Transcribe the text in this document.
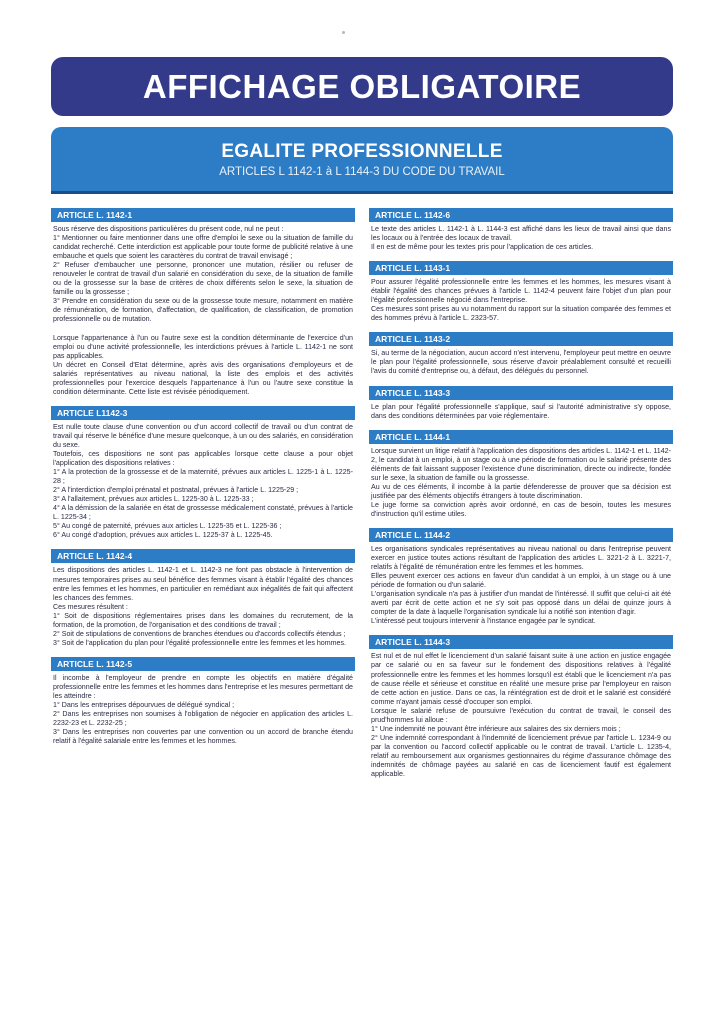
AFFICHAGE OBLIGATOIRE
EGALITE PROFESSIONNELLE
ARTICLES L 1142-1 à L 1144-3 DU CODE DU TRAVAIL
ARTICLE L. 1142-1

Sous réserve des dispositions particulières du présent code, nul ne peut :

1° Mentionner ou faire mentionner dans une offre d'emploi le sexe ou la situation de famille du candidat recherché. Cette interdiction est applicable pour toute forme de publicité relative à une embauche et quels que soient les caractères du contrat de travail envisagé ;

2° Refuser d'embaucher une personne, prononcer une mutation, résilier ou refuser de renouveler le contrat de travail d'un salarié en considération du sexe, de la situation de famille ou de la grossesse sur la base de critères de choix différents selon le sexe, la situation de famille ou la grossesse ;

3° Prendre en considération du sexe ou de la grossesse toute mesure, notamment en matière de rémunération, de formation, d'affectation, de qualification, de classification, de promotion professionnelle ou de mutation.

Lorsque l'appartenance à l'un ou l'autre sexe est la condition déterminante de l'exercice d'un emploi ou d'une activité professionnelle, les interdictions prévues à l'article L. 1142-1 ne sont pas applicables.

Un décret en Conseil d'Etat détermine, après avis des organisations d'employeurs et de salariés représentatives au niveau national, la liste des emplois et des activités professionnelles pour l'exercice desquels l'appartenance à l'un ou l'autre sexe constitue la condition déterminante. Cette liste est révisée périodiquement.

ARTICLE L1142-3

Est nulle toute clause d'une convention ou d'un accord collectif de travail ou d'un contrat de travail qui réserve le bénéfice d'une mesure quelconque, à un ou des salariés, en considération du sexe.

Toutefois, ces dispositions ne sont pas applicables lorsque cette clause a pour objet l'application des dispositions relatives :

1° A la protection de la grossesse et de la maternité, prévues aux articles L. 1225-1 à L. 1225-28 ;

2° A l'interdiction d'emploi prénatal et postnatal, prévues à l'article L. 1225-29 ;

3° A l'allaitement, prévues aux articles L. 1225-30 à L. 1225-33 ;

4° A la démission de la salariée en état de grossesse médicalement constaté, prévues à l'article L. 1225-34 ;

5° Au congé de paternité, prévues aux articles L. 1225-35 et L. 1225-36 ;

6° Au congé d'adoption, prévues aux articles L. 1225-37 à L. 1225-45.

ARTICLE L. 1142-4

Les dispositions des articles L. 1142-1 et L. 1142-3 ne font pas obstacle à l'intervention de mesures temporaires prises au seul bénéfice des femmes visant à établir l'égalité des chances entre les femmes et les hommes, en particulier en remédiant aux inégalités de fait qui affectent les chances des femmes.

Ces mesures résultent :

1° Soit de dispositions réglementaires prises dans les domaines du recrutement, de la formation, de la promotion, de l'organisation et des conditions de travail ;

2° Soit de stipulations de conventions de branches étendues ou d'accords collectifs étendus ;

3° Soit de l'application du plan pour l'égalité professionnelle entre les femmes et les hommes.

ARTICLE L. 1142-5

Il incombe à l'employeur de prendre en compte les objectifs en matière d'égalité professionnelle entre les femmes et les hommes dans l'entreprise et les mesures permettant de les atteindre :

1° Dans les entreprises dépourvues de délégué syndical ;

2° Dans les entreprises non soumises à l'obligation de négocier en application des articles L. 2232-23 et L. 2232-25 ;

3° Dans les entreprises non couvertes par une convention ou un accord de branche étendu relatif à l'égalité salariale entre les femmes et les hommes.

ARTICLE L. 1142-6

Le texte des articles L. 1142-1 à L. 1144-3 est affiché dans les lieux de travail ainsi que dans les locaux ou à l'entrée des locaux de travail.

Il en est de même pour les textes pris pour l'application de ces articles.

ARTICLE L. 1143-1

Pour assurer l'égalité professionnelle entre les femmes et les hommes, les mesures visant à établir l'égalité des chances prévues à l'article L. 1142-4 peuvent faire l'objet d'un plan pour l'égalité professionnelle négocié dans l'entreprise.

Ces mesures sont prises au vu notamment du rapport sur la situation comparée des femmes et des hommes prévu à l'article L. 2323-57.

ARTICLE L. 1143-2

Si, au terme de la négociation, aucun accord n'est intervenu, l'employeur peut mettre en oeuvre le plan pour l'égalité professionnelle, sous réserve d'avoir préalablement consulté et recueilli l'avis du comité d'entreprise ou, à défaut, des délégués du personnel.

ARTICLE L. 1143-3

Le plan pour l'égalité professionnelle s'applique, sauf si l'autorité administrative s'y oppose, dans des conditions déterminées par voie réglementaire.

ARTICLE L. 1144-1

Lorsque survient un litige relatif à l'application des dispositions des articles L. 1142-1 et L. 1142-2, le candidat à un emploi, à un stage ou à une période de formation ou le salarié présente des éléments de fait laissant supposer l'existence d'une discrimination, directe ou indirecte, fondée sur le sexe, la situation de famille ou la grossesse.

Au vu de ces éléments, il incombe à la partie défenderesse de prouver que sa décision est justifiée par des éléments objectifs étrangers à toute discrimination.

Le juge forme sa conviction après avoir ordonné, en cas de besoin, toutes les mesures d'instruction qu'il estime utiles.

ARTICLE L. 1144-2

Les organisations syndicales représentatives au niveau national ou dans l'entreprise peuvent exercer en justice toutes actions résultant de l'application des articles L. 3221-2 à L. 3221-7, relatifs à l'égalité de rémunération entre les femmes et les hommes.

Elles peuvent exercer ces actions en faveur d'un candidat à un emploi, à un stage ou à une période de formation ou d'un salarié.

L'organisation syndicale n'a pas à justifier d'un mandat de l'intéressé. Il suffit que celui-ci ait été averti par écrit de cette action et ne s'y soit pas opposé dans un délai de quinze jours à compter de la date à laquelle l'organisation syndicale lui a notifié son intention d'agir.

L'intéressé peut toujours intervenir à l'instance engagée par le syndicat.

ARTICLE L. 1144-3

Est nul et de nul effet le licenciement d'un salarié faisant suite à une action en justice engagée par ce salarié ou en sa faveur sur le fondement des dispositions relatives à l'égalité professionnelle entre les femmes et les hommes lorsqu'il est établi que le licenciement n'a pas de cause réelle et sérieuse et constitue en réalité une mesure prise par l'employeur en raison de cette action en justice. Dans ce cas, la réintégration est de droit et le salarié est considéré comme n'ayant jamais cessé d'occuper son emploi.

Lorsque le salarié refuse de poursuivre l'exécution du contrat de travail, le conseil des prud'hommes lui alloue :

1° Une indemnité ne pouvant être inférieure aux salaires des six derniers mois ;

2° Une indemnité correspondant à l'indemnité de licenciement prévue par l'article L. 1234-9 ou par la convention ou l'accord collectif applicable ou le contrat de travail. L'article L. 1235-4, relatif au remboursement aux organismes gestionnaires du régime d'assurance chômage des indemnités de chômage payées au salarié en cas de licenciement fautif est également applicable.
